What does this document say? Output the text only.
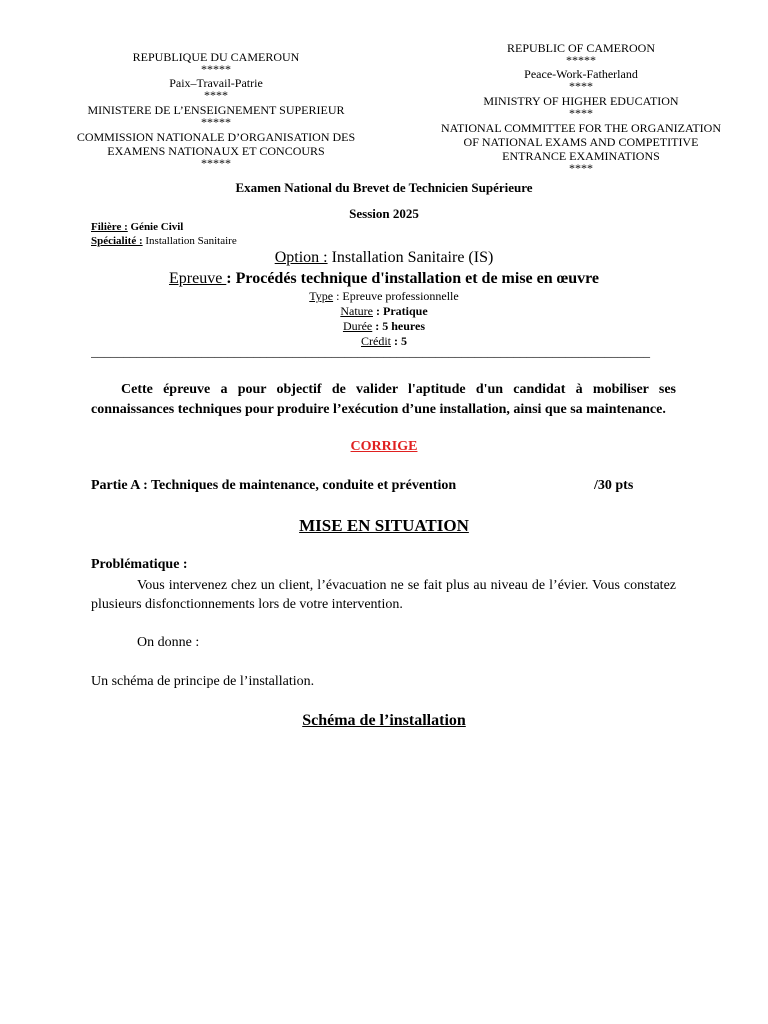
REPUBLIQUE DU CAMEROUN
*****
Paix–Travail-Patrie
****
MINISTERE DE L’ENSEIGNEMENT SUPERIEUR
*****
COMMISSION NATIONALE D’ORGANISATION DES EXAMENS NATIONAUX ET CONCOURS
*****
REPUBLIC OF CAMEROON
*****
Peace-Work-Fatherland
****
MINISTRY OF HIGHER EDUCATION
****
NATIONAL COMMITTEE FOR THE ORGANIZATION OF NATIONAL EXAMS AND COMPETITIVE ENTRANCE EXAMINATIONS
****
Examen National du Brevet de Technicien Supérieure
Session 2025
Filière : Génie Civil
Spécialité : Installation Sanitaire
Option : Installation Sanitaire (IS)
Epreuve : Procédés technique d'installation et de mise en œuvre
Type : Epreuve professionnelle
Nature : Pratique
Durée : 5 heures
Crédit : 5
______________________________________________________________________________________
Cette épreuve a pour objectif de valider l'aptitude d'un candidat à mobiliser ses connaissances techniques pour produire l’exécution d’une installation, ainsi que sa maintenance.
CORRIGE
Partie A : Techniques de maintenance, conduite et prévention	/30 pts
MISE EN SITUATION
Problématique :
Vous intervenez chez un client, l’évacuation ne se fait plus au niveau de l’évier. Vous constatez plusieurs disfonctionnements lors de votre intervention.
On donne :
Un schéma de principe de l’installation.
Schéma de l’installation
